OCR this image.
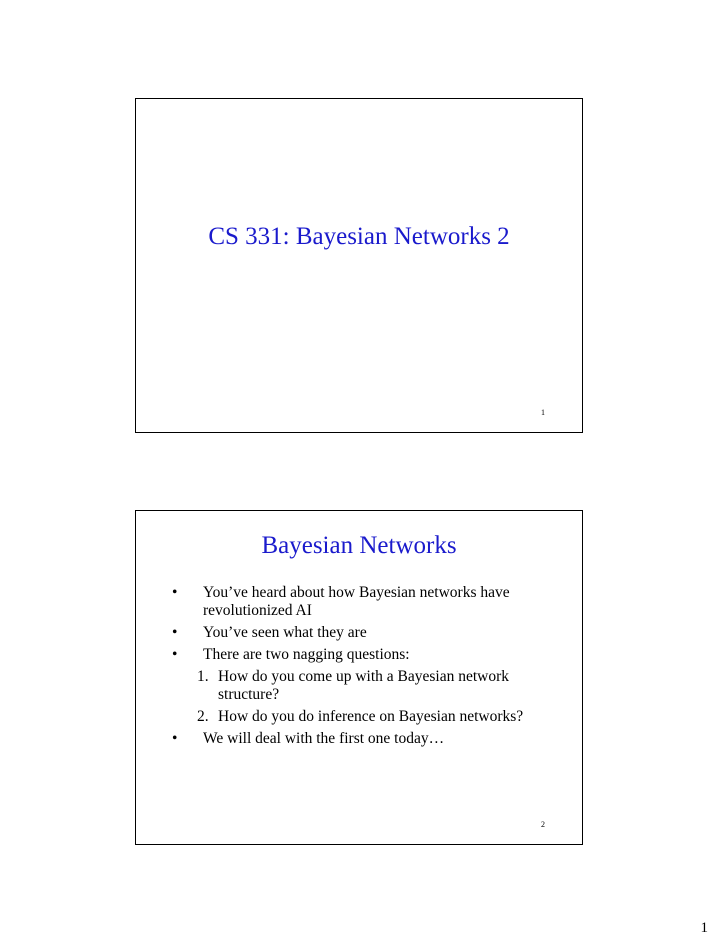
CS 331: Bayesian Networks 2
1
Bayesian Networks
• You’ve heard about how Bayesian networks have revolutionized AI
• You’ve seen what they are
• There are two nagging questions:
1. How do you come up with a Bayesian network structure?
2. How do you do inference on Bayesian networks?
• We will deal with the first one today…
2
1
